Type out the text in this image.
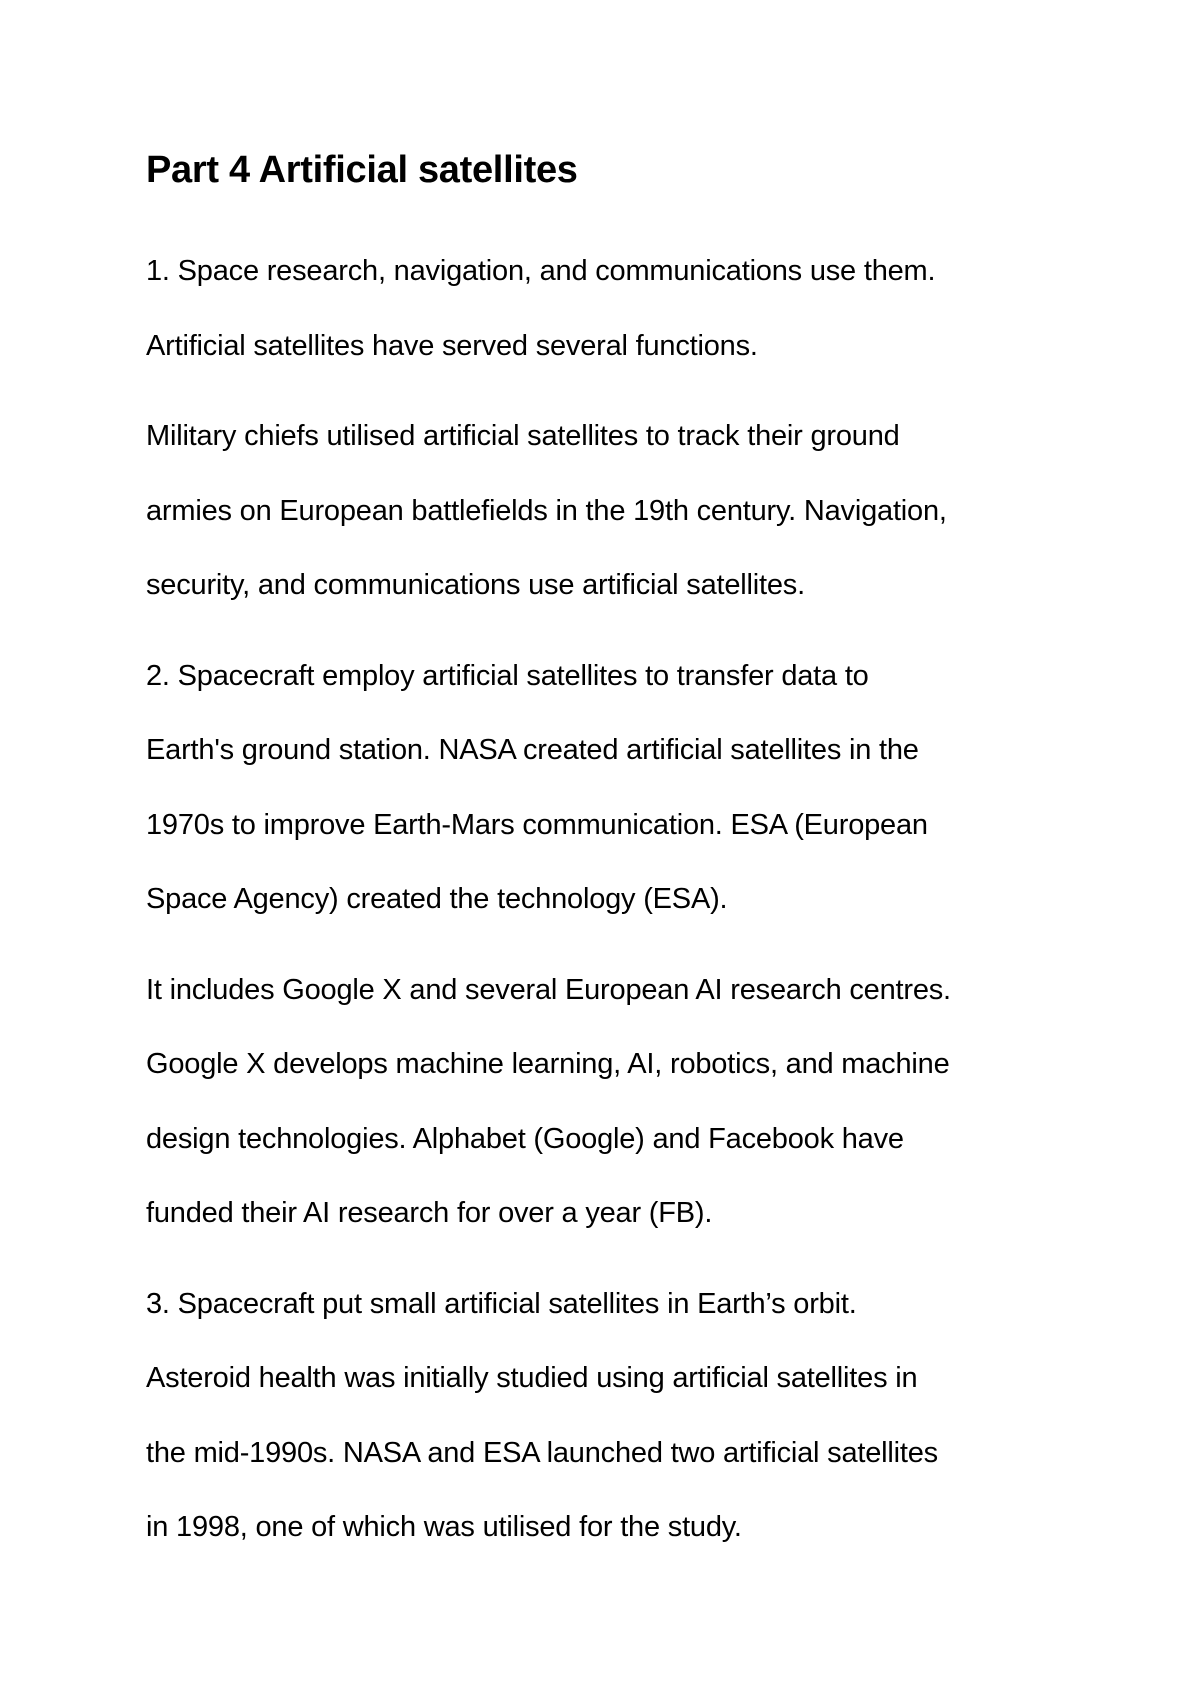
Part 4 Artificial satellites

1. Space research, navigation, and communications use them.
Artificial satellites have served several functions.

Military chiefs utilised artificial satellites to track their ground
armies on European battlefields in the 19th century. Navigation,
security, and communications use artificial satellites.

2. Spacecraft employ artificial satellites to transfer data to
Earth's ground station. NASA created artificial satellites in the
1970s to improve Earth-Mars communication. ESA (European
Space Agency) created the technology (ESA).

It includes Google X and several European AI research centres.
Google X develops machine learning, AI, robotics, and machine
design technologies. Alphabet (Google) and Facebook have
funded their AI research for over a year (FB).

3. Spacecraft put small artificial satellites in Earth’s orbit.
Asteroid health was initially studied using artificial satellites in
the mid-1990s. NASA and ESA launched two artificial satellites
in 1998, one of which was utilised for the study.
